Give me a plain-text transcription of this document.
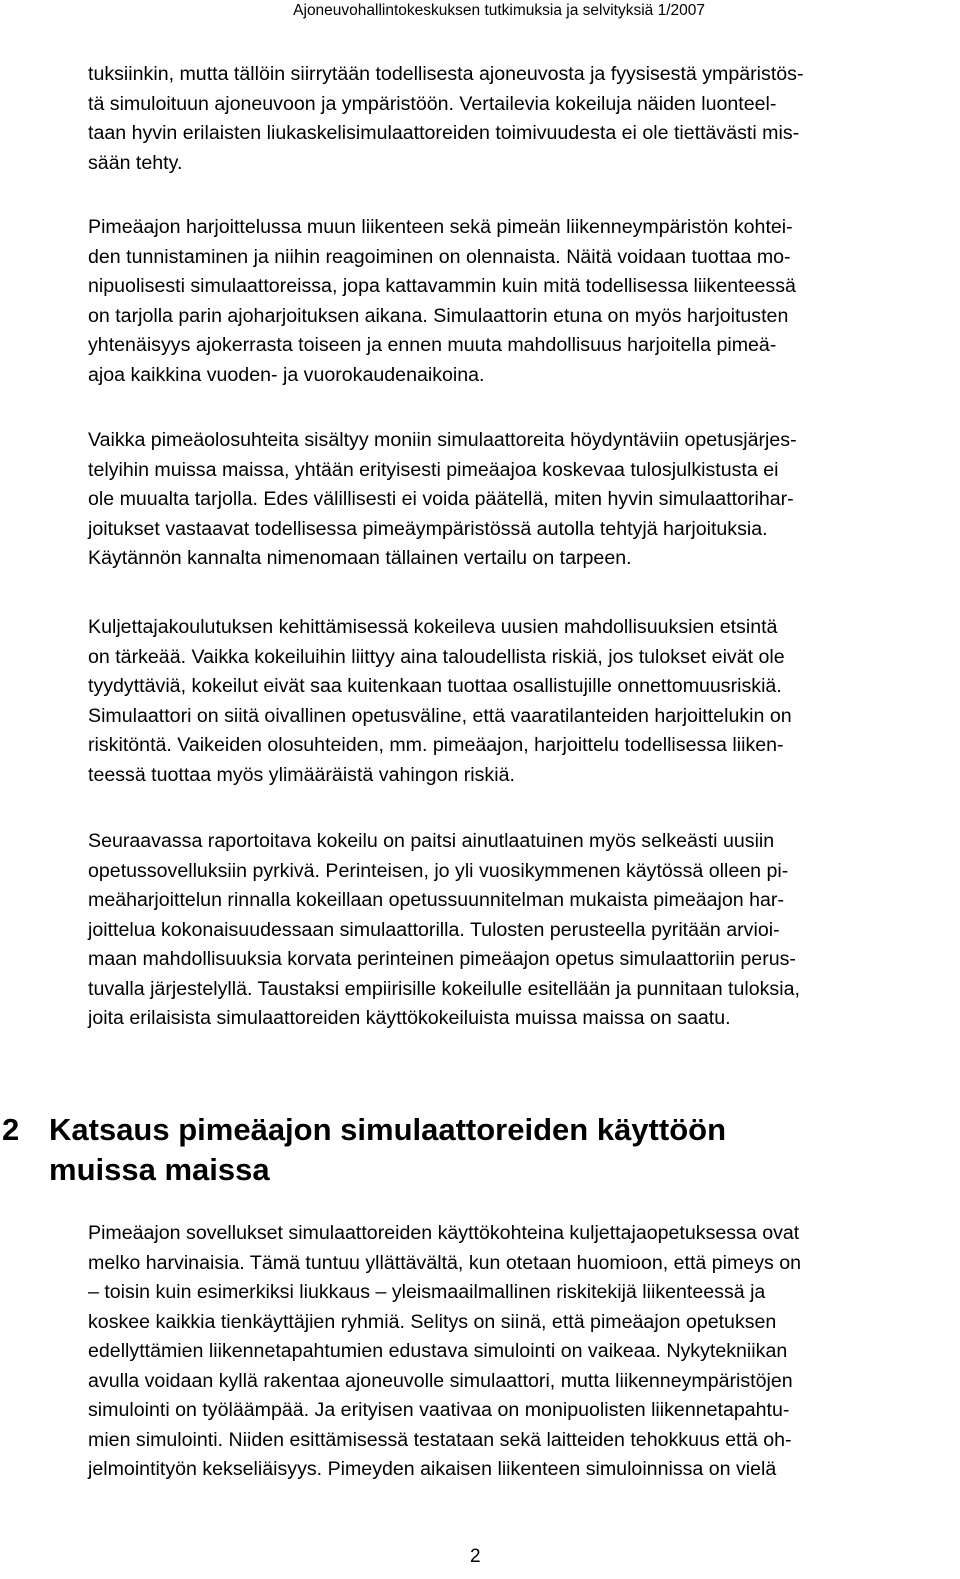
Ajoneuvohallintokeskuksen tutkimuksia ja selvityksiä 1/2007
tuksiinkin, mutta tällöin siirrytään todellisesta ajoneuvosta ja fyysisestä ympäristös-
tä simuloituun ajoneuvoon ja ympäristöön. Vertailevia kokeiluja näiden luonteel-
taan hyvin erilaisten liukaskelisimulaattoreiden toimivuudesta ei ole tiettävästi mis-
sään tehty.
Pimeäajon harjoittelussa muun liikenteen sekä pimeän liikenneympäristön kohtei-
den tunnistaminen ja niihin reagoiminen on olennaista. Näitä voidaan tuottaa mo-
nipuolisesti simulaattoreissa, jopa kattavammin kuin mitä todellisessa liikenteessä
on tarjolla parin ajoharjoituksen aikana. Simulaattorin etuna on myös harjoitusten
yhtenäisyys ajokerrasta toiseen ja ennen muuta mahdollisuus harjoitella pimeä-
ajoa kaikkina vuoden- ja vuorokaudenaikoina.
Vaikka pimeäolosuhteita sisältyy moniin simulaattoreita höydyntäviin opetusjärjes-
telyihin muissa maissa, yhtään erityisesti pimeäajoa koskevaa tulosjulkistusta ei
ole muualta tarjolla. Edes välillisesti ei voida päätellä, miten hyvin simulaattorihar-
joitukset vastaavat todellisessa pimeäympäristössä autolla tehtyjä harjoituksia.
Käytännön kannalta nimenomaan tällainen vertailu on tarpeen.
Kuljettajakoulutuksen kehittämisessä kokeileva uusien mahdollisuuksien etsintä
on tärkeää. Vaikka kokeiluihin liittyy aina taloudellista riskiä, jos tulokset eivät ole
tyydyttäviä, kokeilut eivät saa kuitenkaan tuottaa osallistujille onnettomuusriskiä.
Simulaattori on siitä oivallinen opetusväline, että vaaratilanteiden harjoittelukin on
riskitöntä. Vaikeiden olosuhteiden, mm. pimeäajon, harjoittelu todellisessa liiken-
teessä tuottaa myös ylimääräistä vahingon riskiä.
Seuraavassa raportoitava kokeilu on paitsi ainutlaatuinen myös selkeästi uusiin
opetussovelluksiin pyrkivä. Perinteisen, jo yli vuosikymmenen käytössä olleen pi-
meäharjoittelun rinnalla kokeillaan opetussuunnitelman mukaista pimeäajon har-
joittelua kokonaisuudessaan simulaattorilla. Tulosten perusteella pyritään arvioi-
maan mahdollisuuksia korvata perinteinen pimeäajon opetus simulaattoriin perus-
tuvalla järjestelyllä. Taustaksi empiirisille kokeilulle esitellään ja punnitaan tuloksia,
joita erilaisista simulaattoreiden käyttökokeiluista muissa maissa on saatu.
2 Katsaus pimeäajon simulaattoreiden käyttöön
muissa maissa
Pimeäajon sovellukset simulaattoreiden käyttökohteina kuljettajaopetuksessa ovat
melko harvinaisia. Tämä tuntuu yllättävältä, kun otetaan huomioon, että pimeys on
– toisin kuin esimerkiksi liukkaus – yleismaailmallinen riskitekijä liikenteessä ja
koskee kaikkia tienkäyttäjien ryhmiä. Selitys on siinä, että pimeäajon opetuksen
edellyttämien liikennetapahtumien edustava simulointi on vaikeaa. Nykytekniikan
avulla voidaan kyllä rakentaa ajoneuvolle simulaattori, mutta liikenneympäristöjen
simulointi on työläämpää. Ja erityisen vaativaa on monipuolisten liikennetapahtu-
mien simulointi. Niiden esittämisessä testataan sekä laitteiden tehokkuus että oh-
jelmointityön kekseliäisyys. Pimeyden aikaisen liikenteen simuloinnissa on vielä
2
